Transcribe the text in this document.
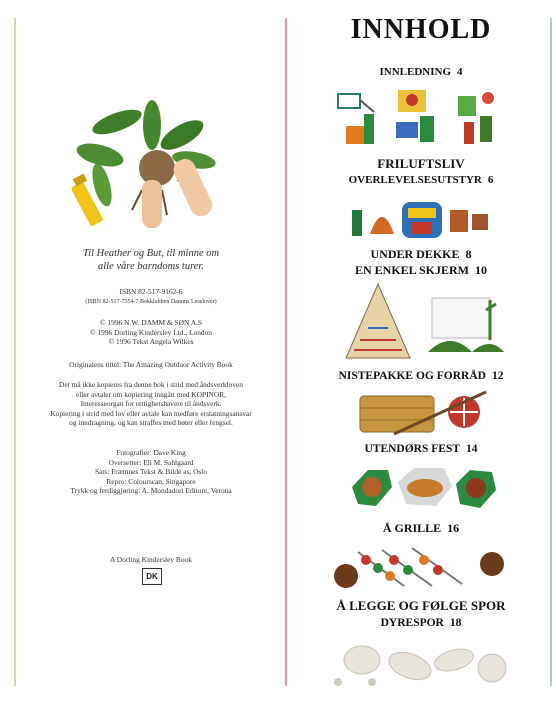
Til Heather og But, til minne om
alle våre barndoms turer.
ISBN 82-517-9162-6
(ISBN 82-517-7354-7 Bokklubben Damms Leselover)
© 1996 N.W. DAMM & SØN A.S
© 1996 Dorling Kindersley Ltd., London
© 1996 Tekst Angela Wilkes
Originalens tittel: The Amazing Outdoor Activity Book
Det må ikke kopieres fra denne bok i strid med åndsverkloven
eller avtaler om kopiering inngått med KOPINOR,
Interesseorgan for rettighetshavere til åndsverk.
Kopiering i strid med lov eller avtale kan medføre erstatningsansvar
og inndragning, og kan straffes med bøter eller fengsel.
Fotografier: Dave King
Oversetter: Eli M. Sahlgaard
Sats: Fræmnes Tekst & Bilde as, Oslo
Repro: Colourscan, Singapore
Trykk og ferdiggjøring: A. Mondadori Editore, Verona
A Dorling Kindersley Book
DK
INNHOLD
INNLEDNING 4
FRILUFTSLIV
OVERLEVELSESUTSTYR 6
UNDER DEKKE 8
EN ENKEL SKJERM 10
NISTEPAKKE OG FORRÅD 12
UTENDØRS FEST 14
Å GRILLE 16
Å LEGGE OG FØLGE SPOR
DYRESPOR 18
